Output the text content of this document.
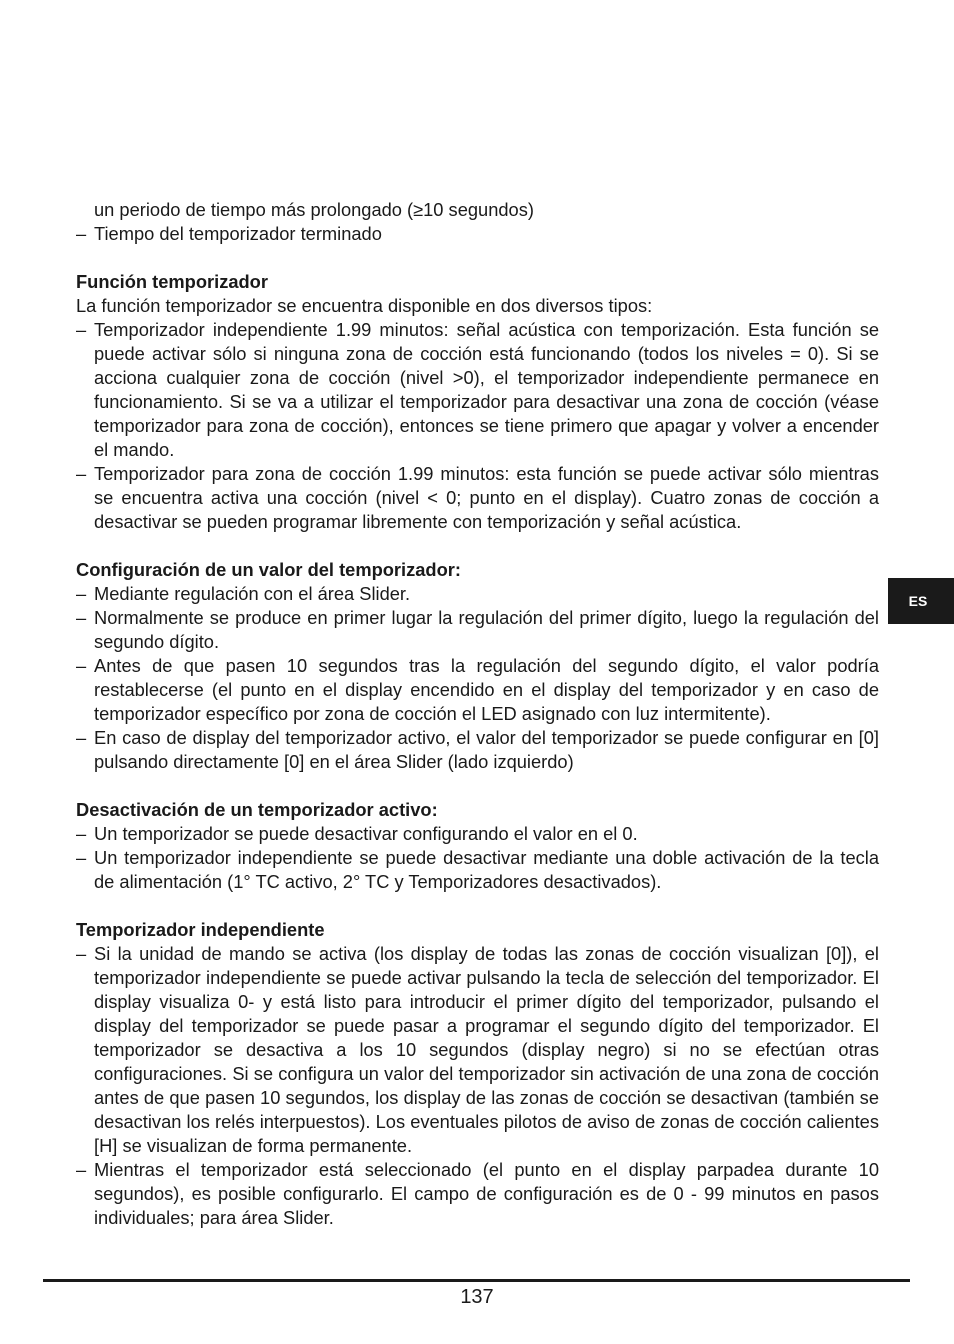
un periodo de tiempo más prolongado (≥10 segundos)
– Tiempo del temporizador terminado
Función temporizador
La función temporizador se encuentra disponible en dos diversos tipos:
– Temporizador independiente 1.99 minutos: señal acústica con temporización. Esta función se puede activar sólo si ninguna zona de cocción está funcionando (todos los niveles = 0). Si se acciona cualquier zona de cocción (nivel >0), el temporizador independiente permanece en funcionamiento. Si se va a utilizar el temporizador para desactivar una zona de cocción (véase temporizador para zona de cocción), entonces se tiene primero que apagar y volver a encender el mando.
– Temporizador para zona de cocción 1.99 minutos: esta función se puede activar sólo mientras se encuentra activa una cocción (nivel < 0; punto en el display). Cuatro zonas de cocción a desactivar se pueden programar libremente con temporización y señal acústica.
Configuración de un valor del temporizador:
– Mediante regulación con el área Slider.
– Normalmente se produce en primer lugar la regulación del primer dígito, luego la regulación del segundo dígito.
– Antes de que pasen 10 segundos tras la regulación del segundo dígito, el valor podría restablecerse (el punto en el display encendido en el display del temporizador y en caso de temporizador específico por zona de cocción el LED asignado con luz intermitente).
– En caso de display del temporizador activo, el valor del temporizador se puede configurar en [0] pulsando directamente [0] en el área Slider (lado izquierdo)
Desactivación de un temporizador activo:
– Un temporizador se puede desactivar configurando el valor en el 0.
– Un temporizador independiente se puede desactivar mediante una doble activación de la tecla de alimentación (1° TC activo, 2° TC y Temporizadores desactivados).
Temporizador independiente
– Si la unidad de mando se activa (los display de todas las zonas de cocción visualizan [0]), el temporizador independiente se puede activar pulsando la tecla de selección del temporizador. El display visualiza 0- y está listo para introducir el primer dígito del temporizador, pulsando el display del temporizador se puede pasar a programar el segundo dígito del temporizador. El temporizador se desactiva a los 10 segundos (display negro) si no se efectúan otras configuraciones. Si se configura un valor del temporizador sin activación de una zona de cocción antes de que pasen 10 segundos, los display de las zonas de cocción se desactivan (también se desactivan los relés interpuestos). Los eventuales pilotos de aviso de zonas de cocción calientes [H] se visualizan de forma permanente.
– Mientras el temporizador está seleccionado (el punto en el display parpadea durante 10 segundos), es posible configurarlo. El campo de configuración es de 0 - 99 minutos en pasos individuales; para área Slider.
ES
137
